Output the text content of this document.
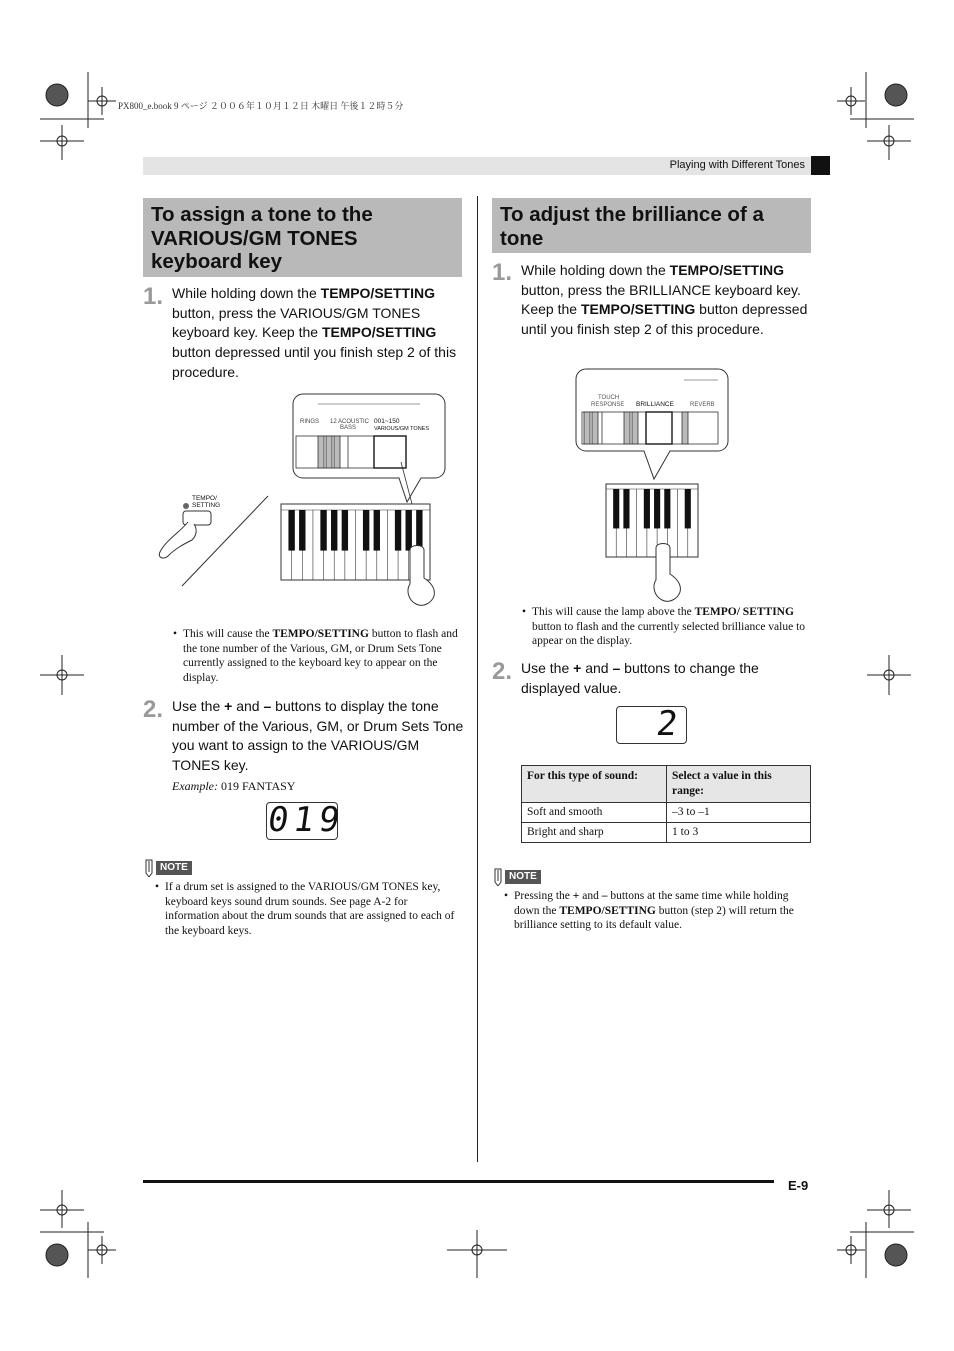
PX800_e.book 9 ページ ２００６年１０月１２日 木曜日 午後１２時５分
Playing with Different Tones
E-9
To assign a tone to the VARIOUS/GM TONES keyboard key
1. While holding down the TEMPO/SETTING button, press the VARIOUS/GM TONES keyboard key. Keep the TEMPO/SETTING button depressed until you finish step 2 of this procedure.
RINGS 12 ACOUSTIC
BASS
001~150
VARIOUS/GM TONES
TEMPO/
SETTING
• This will cause the TEMPO/SETTING button to flash and the tone number of the Various, GM, or Drum Sets Tone currently assigned to the keyboard key to appear on the display.
2. Use the + and – buttons to display the tone number of the Various, GM, or Drum Sets Tone you want to assign to the VARIOUS/GM TONES key.
Example: 019 FANTASY
019
NOTE
• If a drum set is assigned to the VARIOUS/GM TONES key, keyboard keys sound drum sounds. See page A-2 for information about the drum sounds that are assigned to each of the keyboard keys.
To adjust the brilliance of a tone
1. While holding down the TEMPO/SETTING button, press the BRILLIANCE keyboard key. Keep the TEMPO/SETTING button depressed until you finish step 2 of this procedure.
TOUCH
RESPONSE BRILLIANCE	REVERB
• This will cause the lamp above the TEMPO/ SETTING button to flash and the currently selected brilliance value to appear on the display.
2. Use the + and – buttons to change the displayed value.
2
For this type of sound:	Select a value in this range:
Soft and smooth	–3 to –1
Bright and sharp	1 to 3
NOTE
• Pressing the + and – buttons at the same time while holding down the TEMPO/SETTING button (step 2) will return the brilliance setting to its default value.
